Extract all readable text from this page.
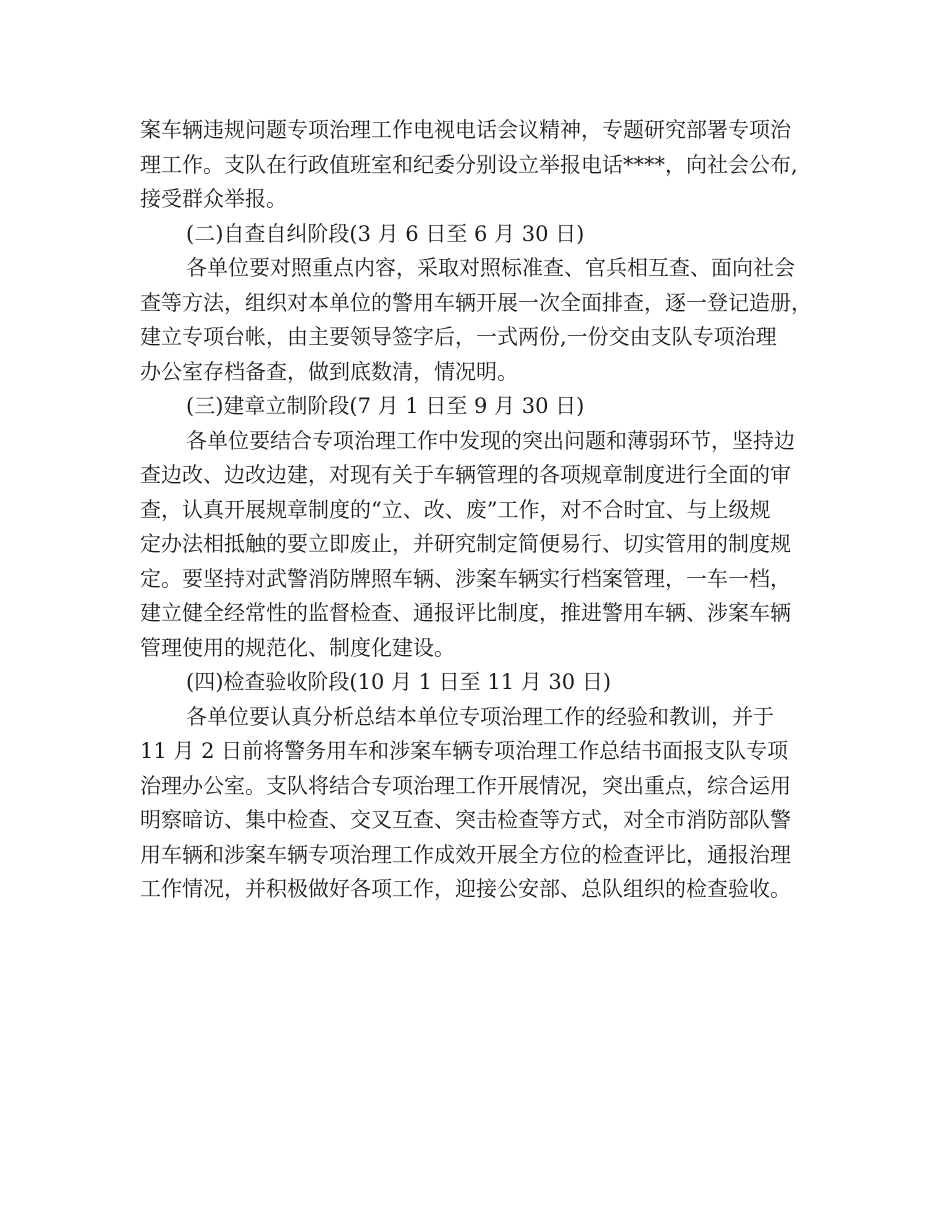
案车辆违规问题专项治理工作电视电话会议精神，专题研究部署专项治
理工作。支队在行政值班室和纪委分别设立举报电话****，向社会公布,
接受群众举报。
(二)自查自纠阶段(3 月 6 日至 6 月 30 日)
各单位要对照重点内容，采取对照标准查、官兵相互查、面向社会
查等方法，组织对本单位的警用车辆开展一次全面排查，逐一登记造册，
建立专项台帐，由主要领导签字后，一式两份,一份交由支队专项治理
办公室存档备查，做到底数清，情况明。
(三)建章立制阶段(7 月 1 日至 9 月 30 日)
各单位要结合专项治理工作中发现的突出问题和薄弱环节，坚持边
查边改、边改边建，对现有关于车辆管理的各项规章制度进行全面的审
查，认真开展规章制度的“立、改、废”工作，对不合时宜、与上级规
定办法相抵触的要立即废止，并研究制定简便易行、切实管用的制度规
定。要坚持对武警消防牌照车辆、涉案车辆实行档案管理，一车一档，
建立健全经常性的监督检查、通报评比制度，推进警用车辆、涉案车辆
管理使用的规范化、制度化建设。
(四)检查验收阶段(10 月 1 日至 11 月 30 日)
各单位要认真分析总结本单位专项治理工作的经验和教训，并于
11 月 2 日前将警务用车和涉案车辆专项治理工作总结书面报支队专项
治理办公室。支队将结合专项治理工作开展情况，突出重点，综合运用
明察暗访、集中检查、交叉互查、突击检查等方式，对全市消防部队警
用车辆和涉案车辆专项治理工作成效开展全方位的检查评比，通报治理
工作情况，并积极做好各项工作，迎接公安部、总队组织的检查验收。
